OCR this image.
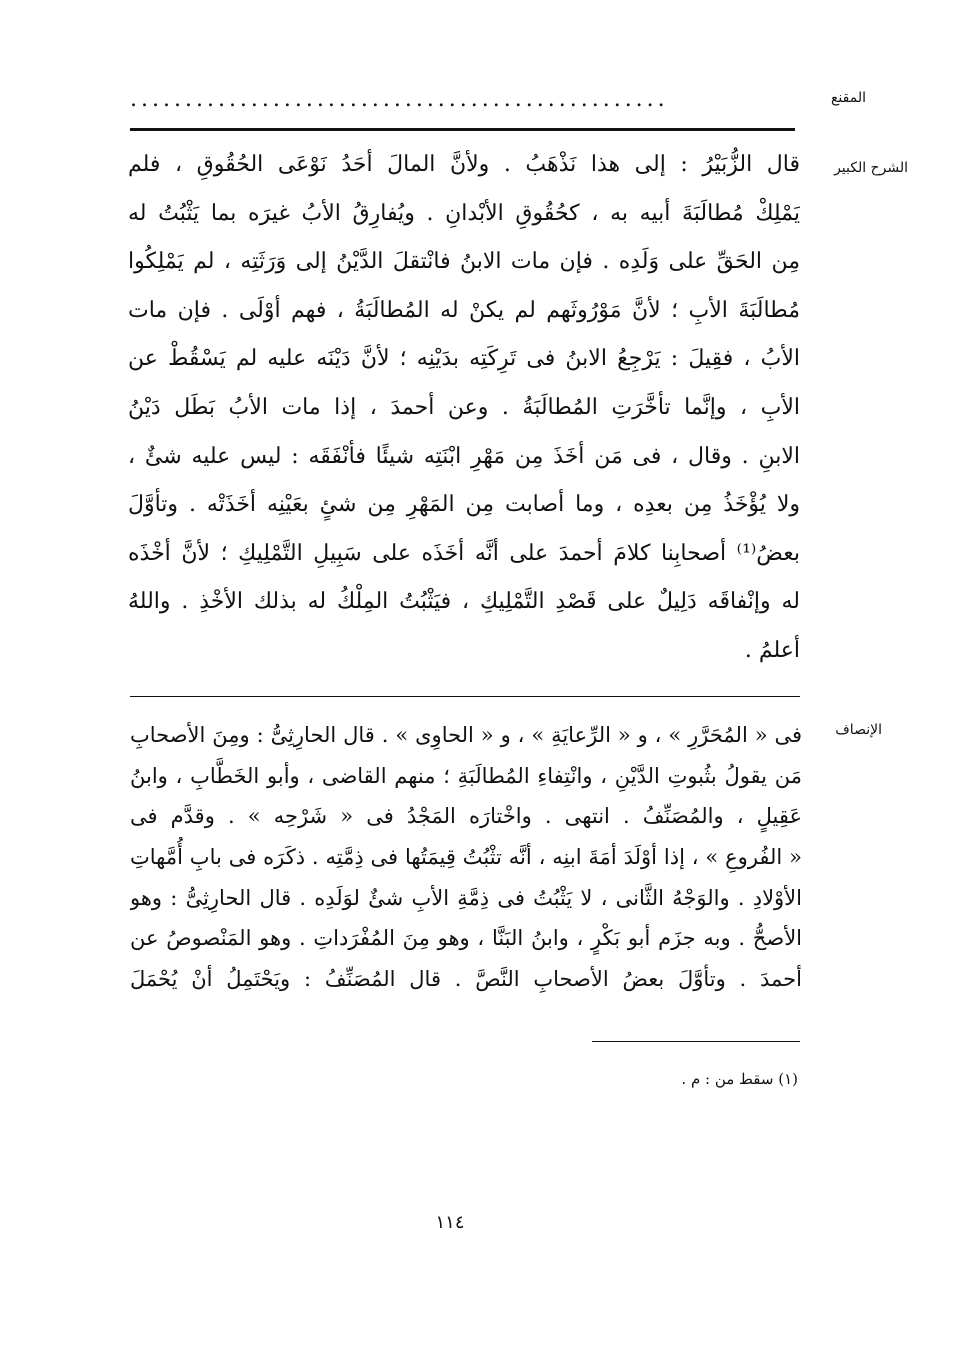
المقنع
.................................................
الشرح الكبير
قال الزُّبَيْرُ : إلى هذا نَذْهَبُ . ولأنَّ المالَ أحَدُ نَوْعَى الحُقُوقِ ، فلم
يَمْلِكْ مُطالَبَةَ أبيه به ، كحُقُوقِ الأبْدانِ . ويُفارِقُ الأبُ غيرَه بما يَثْبُتُ له
مِن الحَقِّ على وَلَدِه . فإن مات الابنُ فانْتقلَ الدَّيْنُ إلى وَرَثَتِه ، لم يَمْلِكُوا
مُطالَبَةَ الأبِ ؛ لأنَّ مَوْرُوثَهم لم يكنْ له المُطالَبَةُ ، فهم أوْلَى . فإن مات
الأبُ ، فقِيلَ : يَرْجِعُ الابنُ فى تَرِكَتِه بدَيْنِه ؛ لأنَّ دَيْنَه عليه لم يَسْقُطْ عن
الأبِ ، وإنَّما تأخَّرَتِ المُطالَبَةُ . وعن أحمدَ ، إذا مات الأبُ بَطَل دَيْنُ
الابنِ . وقال ، فى مَن أخَذَ مِن مَهْرِ ابْنَتِه شيئًا فأنْفَقَه : ليس عليه شئٌ ،
ولا يُؤْخَذُ مِن بعدِه ، وما أصابت مِن المَهْرِ مِن شئٍ بعَيْنِه أخَذَتْه . وتأوَّلَ
بعضُ⁽¹⁾ أصحابِنا كلامَ أحمدَ على أنَّه أخَذَه على سَبِيلِ التَّمْلِيكِ ؛ لأنَّ أخْذَه
له وإنْفاقَه دَلِيلٌ على قَصْدِ التَّمْلِيكِ ، فيَثْبُتُ المِلْكُ له بذلك الأخْذِ . واللهُ
أعلمُ .
الإنصاف
فى « المُحَرَّرِ » ، و « الرِّعايَةِ » ، و « الحاوِى » . قال الحارِثِىُّ : ومِنَ الأصحابِ
مَن يقولُ بثُبوتِ الدَّيْنِ ، وانْتِفاءِ المُطالَبَةِ ؛ منهم القاضى ، وأبو الخَطَّابِ ، وابنُ
عَقِيلٍ ، والمُصَنِّفُ . انتهى . واخْتارَه المَجْدُ فى « شَرْحِه » . وقدَّم فى
« الفُروعِ » ، إذا أوْلَدَ أمَةَ ابنِه ، أنَّه تثْبُتُ قِيمَتُها فى ذِمَّتِه . ذكَرَه فى بابِ أُمَّهاتِ
الأوْلادِ . والوَجْهُ الثَّانى ، لا يَثْبُتُ فى ذِمَّةِ الأبِ شئٌ لوَلَدِه . قال الحارِثِىُّ : وهو
الأصحُّ . وبه جزَم أبو بَكْرٍ ، وابنُ البَنَّا ، وهو مِنَ المُفْرَداتِ . وهو المَنْصوصُ عن
أحمدَ . وتأوَّلَ بعضُ الأصحابِ النَّصَّ . قال المُصَنِّفُ : ويَحْتَمِلُ أنْ يُحْمَلَ
(١) سقط من : م .
١١٤
